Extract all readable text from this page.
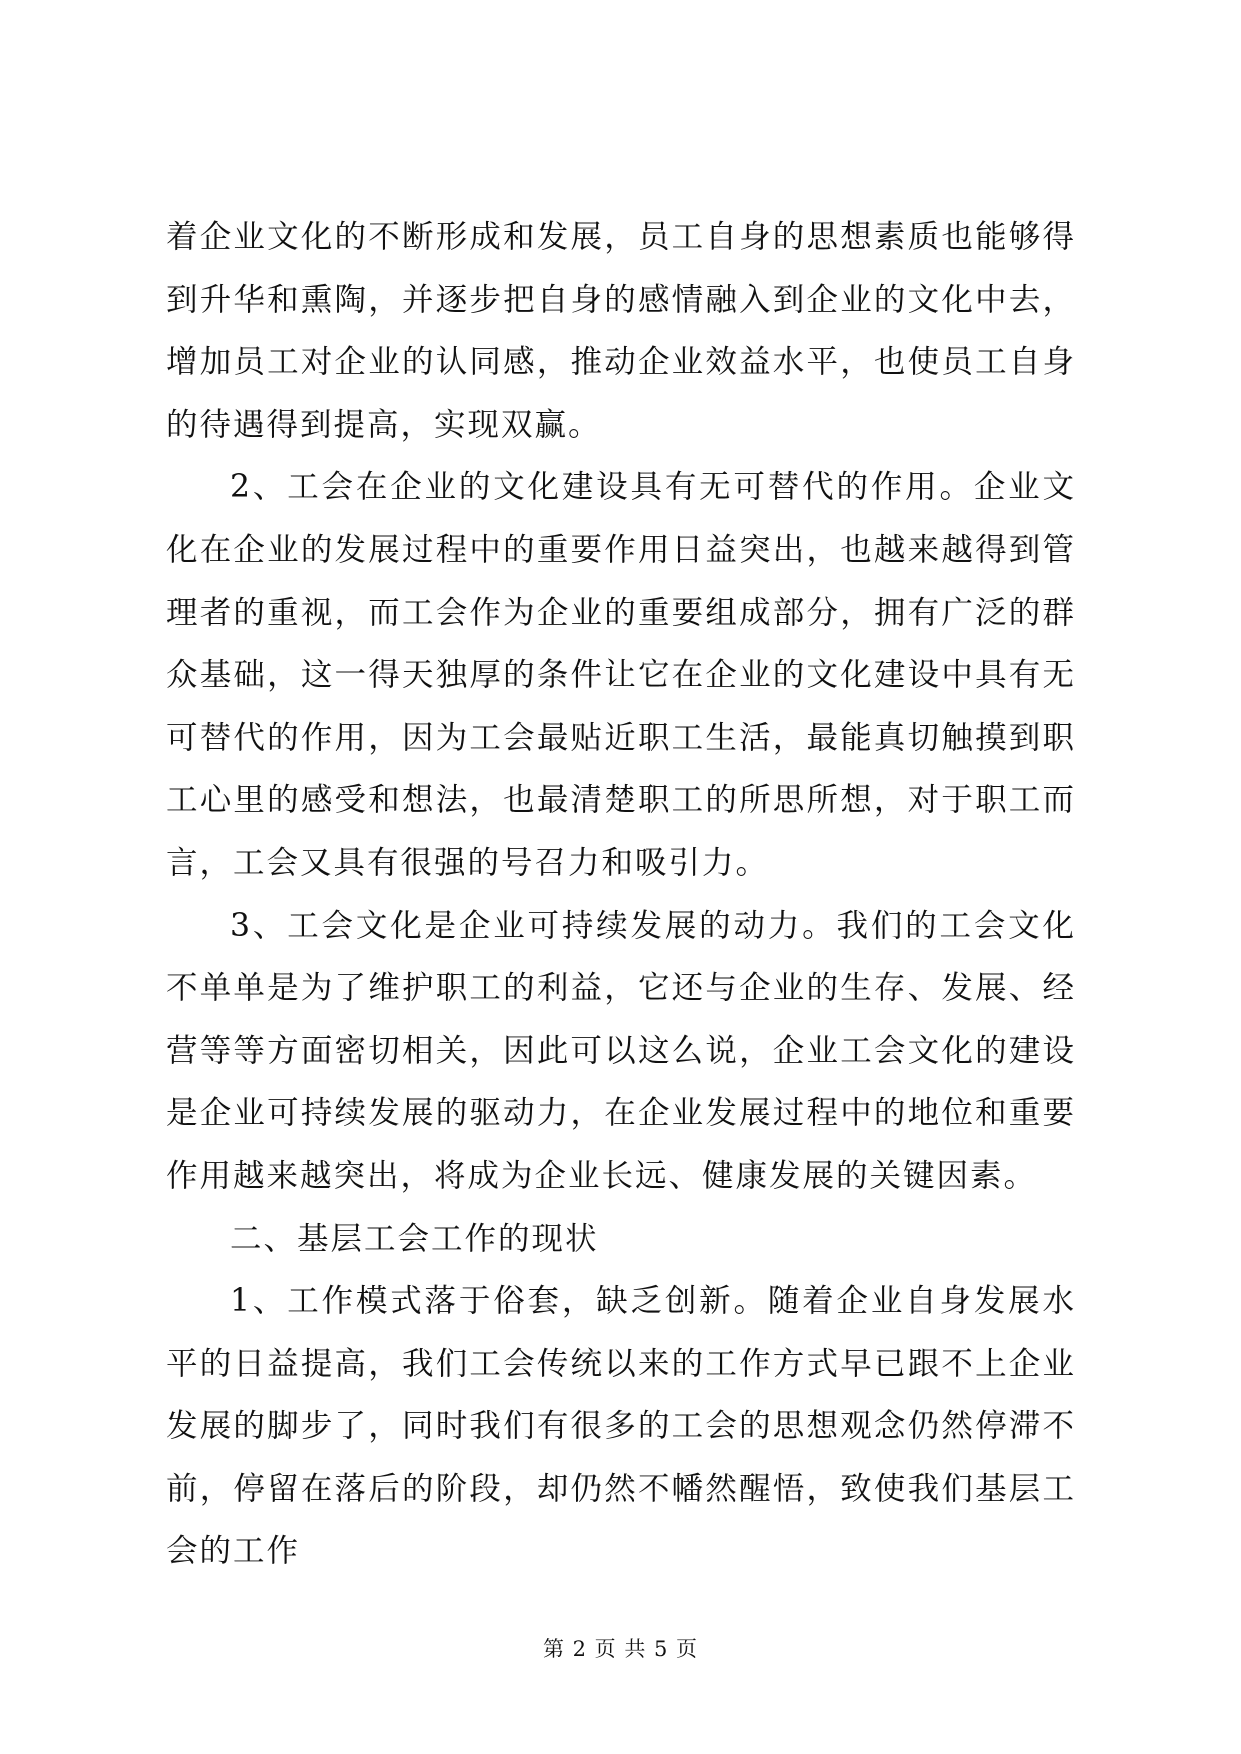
着企业文化的不断形成和发展，员工自身的思想素质也能够得到升华和熏陶，并逐步把自身的感情融入到企业的文化中去，增加员工对企业的认同感，推动企业效益水平，也使员工自身的待遇得到提高，实现双赢。

2、工会在企业的文化建设具有无可替代的作用。企业文化在企业的发展过程中的重要作用日益突出，也越来越得到管理者的重视，而工会作为企业的重要组成部分，拥有广泛的群众基础，这一得天独厚的条件让它在企业的文化建设中具有无可替代的作用，因为工会最贴近职工生活，最能真切触摸到职工心里的感受和想法，也最清楚职工的所思所想，对于职工而言，工会又具有很强的号召力和吸引力。

3、工会文化是企业可持续发展的动力。我们的工会文化不单单是为了维护职工的利益，它还与企业的生存、发展、经营等等方面密切相关，因此可以这么说，企业工会文化的建设是企业可持续发展的驱动力，在企业发展过程中的地位和重要作用越来越突出，将成为企业长远、健康发展的关键因素。

二、基层工会工作的现状

1、工作模式落于俗套，缺乏创新。随着企业自身发展水平的日益提高，我们工会传统以来的工作方式早已跟不上企业发展的脚步了，同时我们有很多的工会的思想观念仍然停滞不前，停留在落后的阶段，却仍然不幡然醒悟，致使我们基层工会的工作

第 2 页 共 5 页
